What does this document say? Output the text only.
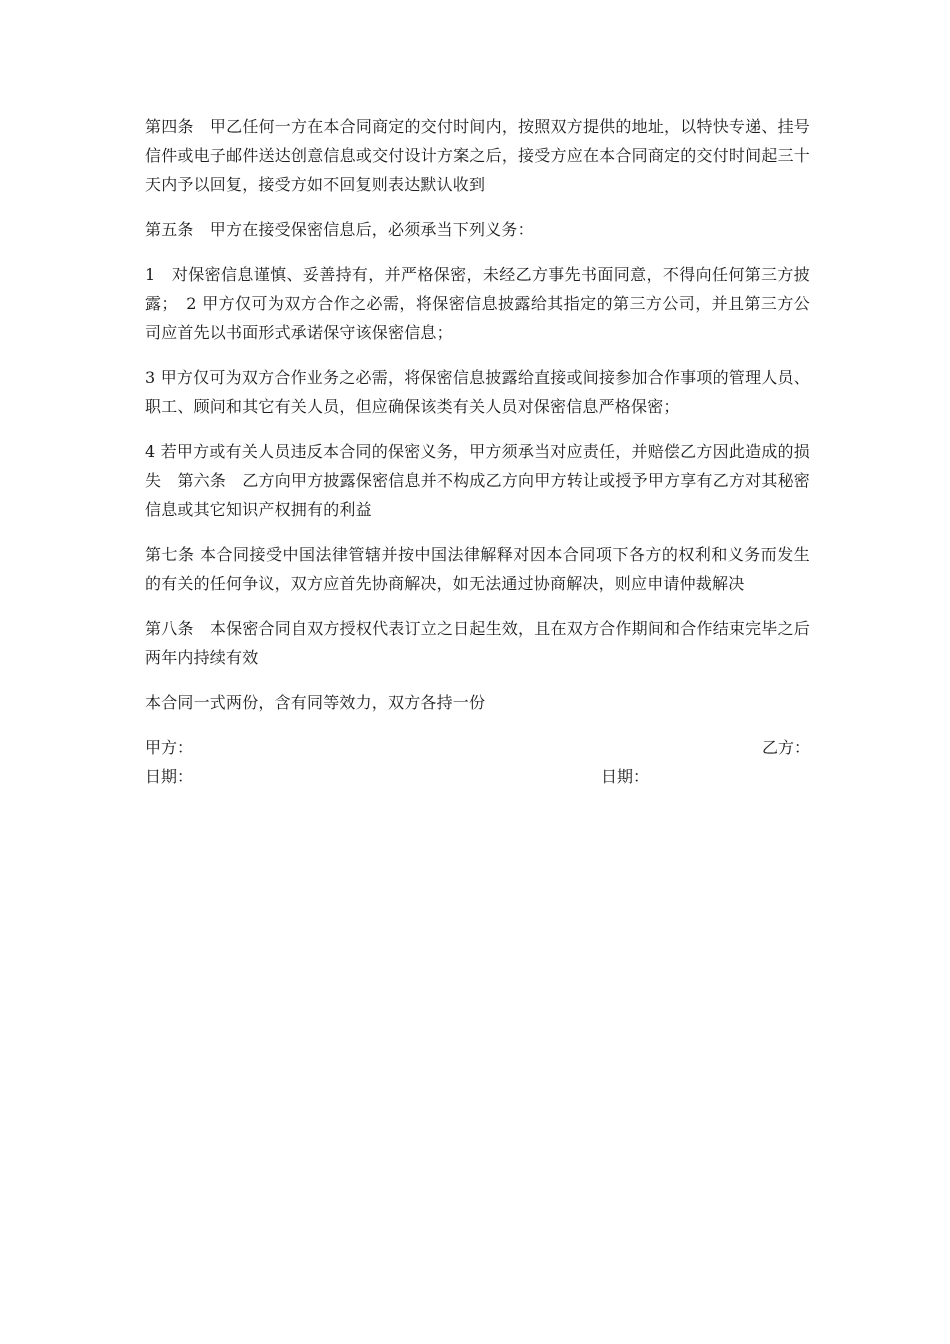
第四条　甲乙任何一方在本合同商定的交付时间内，按照双方提供的地址，以特快专递、挂号信件或电子邮件送达创意信息或交付设计方案之后，接受方应在本合同商定的交付时间起三十天内予以回复，接受方如不回复则表达默认收到

第五条　甲方在接受保密信息后，必须承当下列义务：

1　对保密信息谨慎、妥善持有，并严格保密，未经乙方事先书面同意，不得向任何第三方披露；　2 甲方仅可为双方合作之必需，将保密信息披露给其指定的第三方公司，并且第三方公司应首先以书面形式承诺保守该保密信息；

3 甲方仅可为双方合作业务之必需，将保密信息披露给直接或间接参加合作事项的管理人员、职工、顾问和其它有关人员，但应确保该类有关人员对保密信息严格保密；

4 若甲方或有关人员违反本合同的保密义务，甲方须承当对应责任，并赔偿乙方因此造成的损失　第六条　乙方向甲方披露保密信息并不构成乙方向甲方转让或授予甲方享有乙方对其秘密信息或其它知识产权拥有的利益

第七条 本合同接受中国法律管辖并按中国法律解释对因本合同项下各方的权利和义务而发生的有关的任何争议，双方应首先协商解决，如无法通过协商解决，则应申请仲裁解决

第八条　本保密合同自双方授权代表订立之日起生效，且在双方合作期间和合作结束完毕之后两年内持续有效

本合同一式两份，含有同等效力，双方各持一份

甲方：	乙方：
日期：	日期：
